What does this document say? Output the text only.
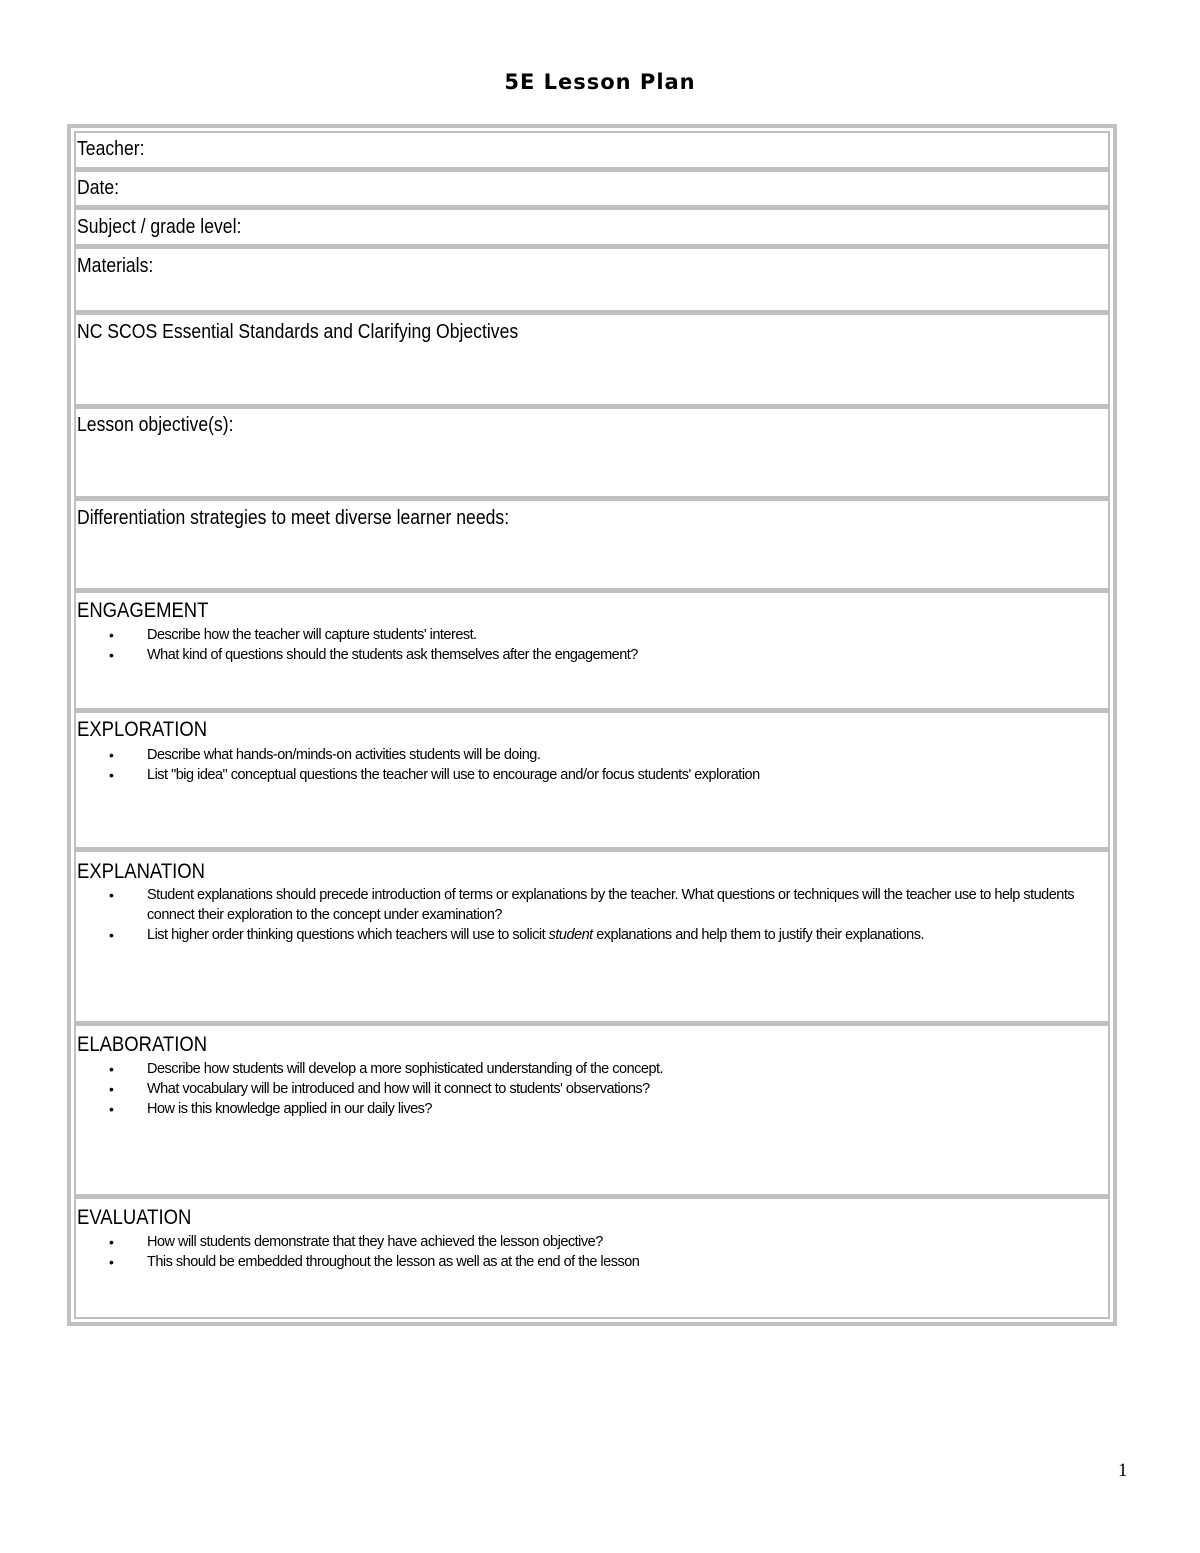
5E Lesson Plan
Teacher:
Date:
Subject / grade level:
Materials:
NC SCOS Essential Standards and Clarifying Objectives
Lesson objective(s):
Differentiation strategies to meet diverse learner needs:
ENGAGEMENT
• Describe how the teacher will capture students' interest.
• What kind of questions should the students ask themselves after the engagement?
EXPLORATION
• Describe what hands-on/minds-on activities students will be doing.
• List "big idea" conceptual questions the teacher will use to encourage and/or focus students' exploration
EXPLANATION
• Student explanations should precede introduction of terms or explanations by the teacher. What questions or techniques will the teacher use to help students connect their exploration to the concept under examination?
• List higher order thinking questions which teachers will use to solicit student explanations and help them to justify their explanations.
ELABORATION
• Describe how students will develop a more sophisticated understanding of the concept.
• What vocabulary will be introduced and how will it connect to students' observations?
• How is this knowledge applied in our daily lives?
EVALUATION
• How will students demonstrate that they have achieved the lesson objective?
• This should be embedded throughout the lesson as well as at the end of the lesson
1
